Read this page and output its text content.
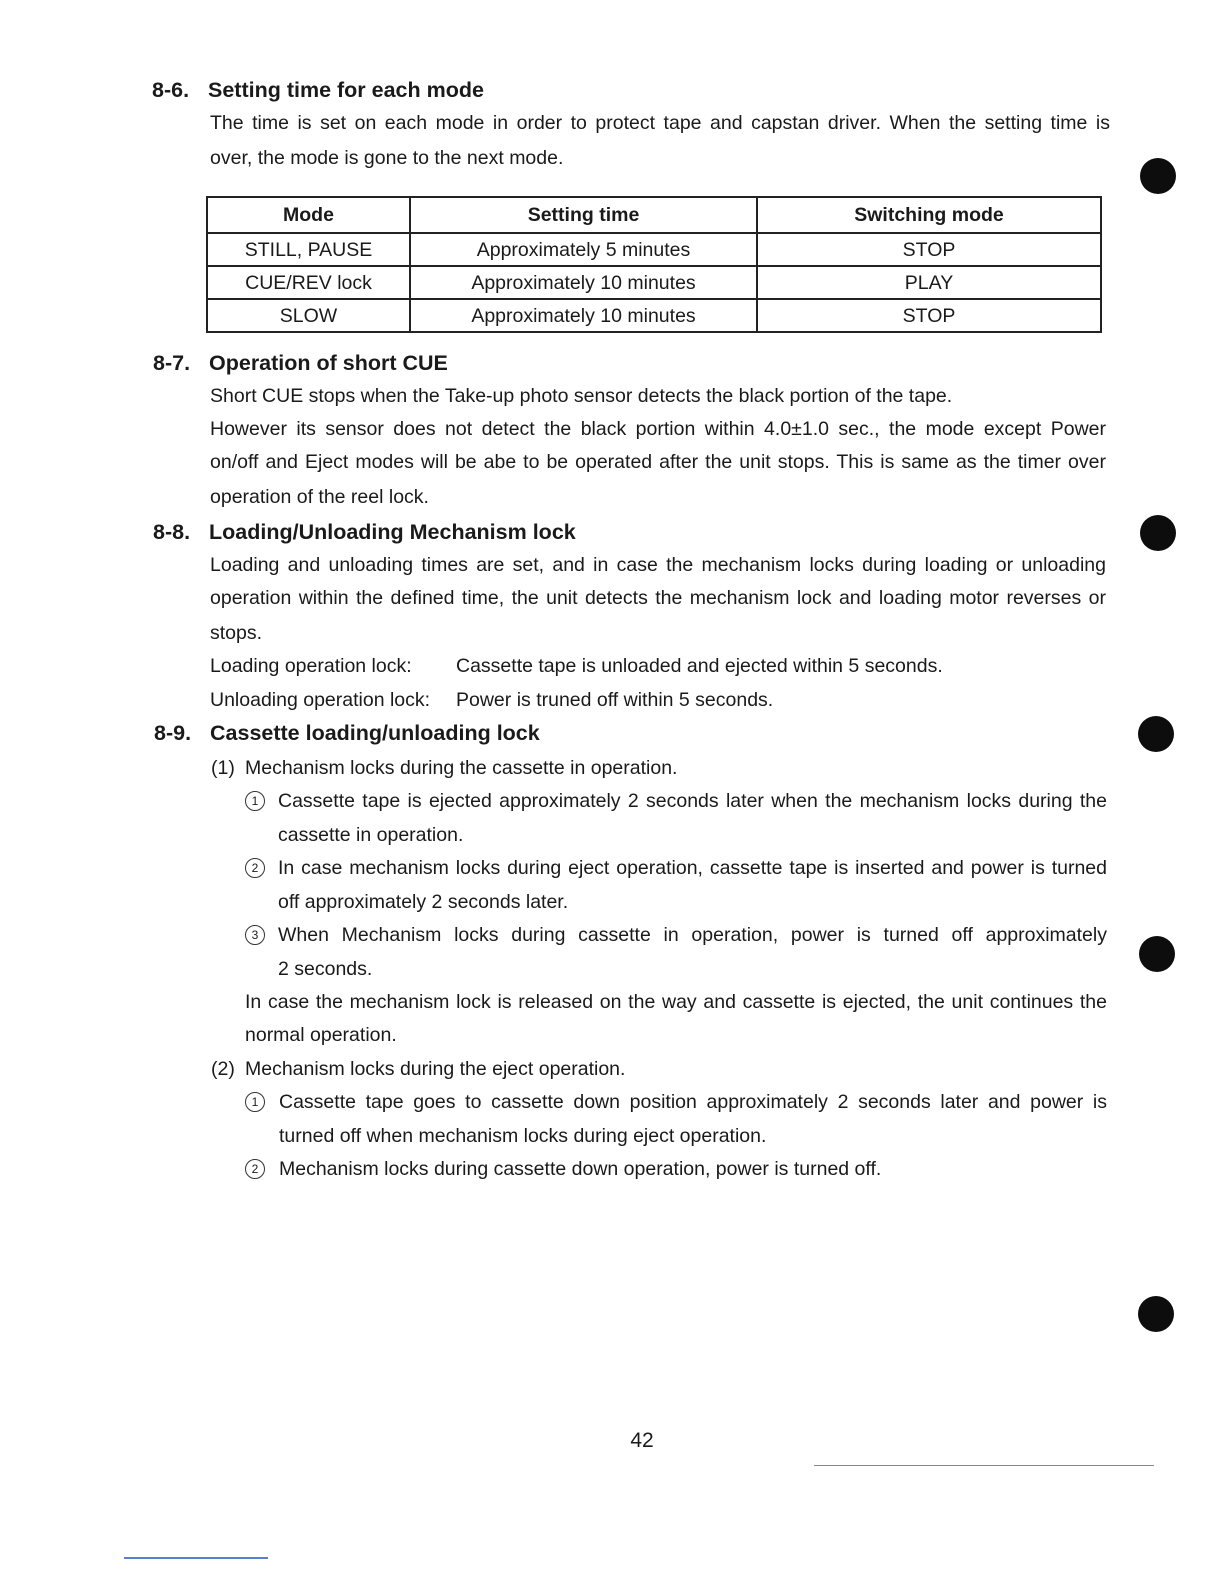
8-6. Setting time for each mode
The time is set on each mode in order to protect tape and capstan driver. When the setting time is
over, the mode is gone to the next mode.
Mode	Setting time	Switching mode
STILL, PAUSE	Approximately 5 minutes	STOP
CUE/REV lock	Approximately 10 minutes	PLAY
SLOW	Approximately 10 minutes	STOP
8-7. Operation of short CUE
Short CUE stops when the Take-up photo sensor detects the black portion of the tape.
However its sensor does not detect the black portion within 4.0±1.0 sec., the mode except Power
on/off and Eject modes will be abe to be operated after the unit stops. This is same as the timer over
operation of the reel lock.
8-8. Loading/Unloading Mechanism lock
Loading and unloading times are set, and in case the mechanism locks during loading or unloading
operation within the defined time, the unit detects the mechanism lock and loading motor reverses or
stops.
Loading operation lock: Cassette tape is unloaded and ejected within 5 seconds.
Unloading operation lock: Power is truned off within 5 seconds.
8-9. Cassette loading/unloading lock
(1) Mechanism locks during the cassette in operation.
1	Cassette tape is ejected approximately 2 seconds later when the mechanism locks during the
cassette in operation.
2	In case mechanism locks during eject operation, cassette tape is inserted and power is turned
off approximately 2 seconds later.
3	When Mechanism locks during cassette in operation, power is turned off approximately
2 seconds.
In case the mechanism lock is released on the way and cassette is ejected, the unit continues the
normal operation.
(2) Mechanism locks during the eject operation.
1	Cassette tape goes to cassette down position approximately 2 seconds later and power is
turned off when mechanism locks during eject operation.
2	Mechanism locks during cassette down operation, power is turned off.
42
